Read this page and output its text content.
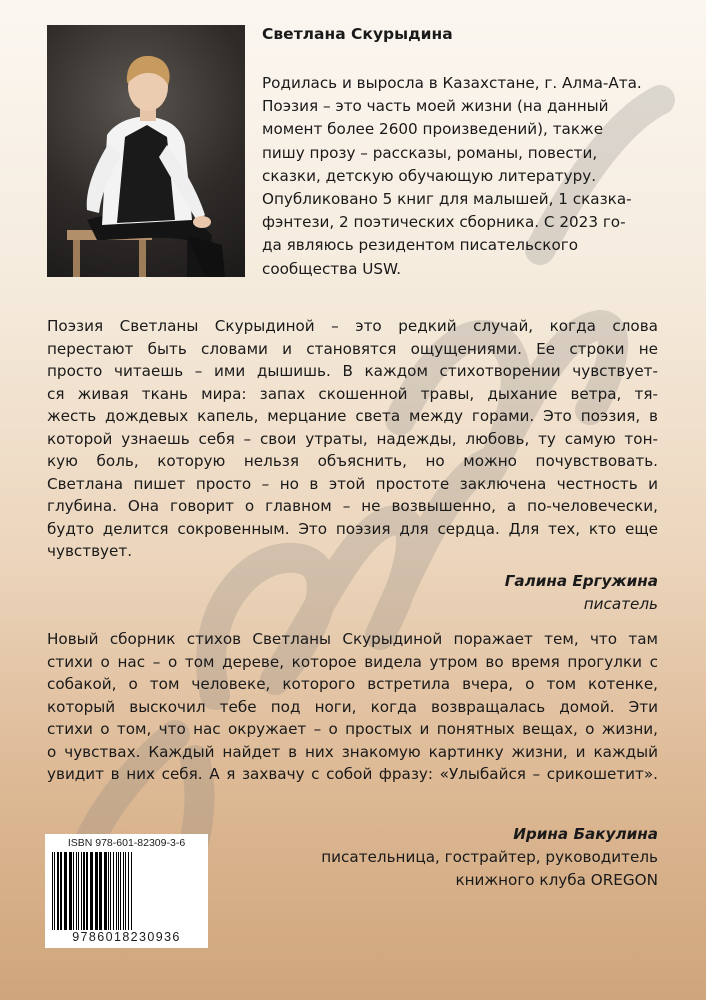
Светлана Скурыдина
Родилась и выросла в Казахстане, г. Алма-Ата.
Поэзия – это часть моей жизни (на данный
момент более 2600 произведений), также
пишу прозу – рассказы, романы, повести,
сказки, детскую обучающую литературу.
Опубликовано 5 книг для малышей, 1 сказка-
фэнтези, 2 поэтических сборника. С 2023 го-
да являюсь резидентом писательского
сообщества USW.
Поэзия Светланы Скурыдиной – это редкий случай, когда слова
перестают быть словами и становятся ощущениями. Ее строки не
просто читаешь – ими дышишь. В каждом стихотворении чувствует-
ся живая ткань мира: запах скошенной травы, дыхание ветра, тя-
жесть дождевых капель, мерцание света между горами. Это поэзия, в
которой узнаешь себя – свои утраты, надежды, любовь, ту самую тон-
кую боль, которую нельзя объяснить, но можно почувствовать.
Светлана пишет просто – но в этой простоте заключена честность и
глубина. Она говорит о главном – не возвышенно, а по-человечески,
будто делится сокровенным. Это поэзия для сердца. Для тех, кто еще
чувствует.
Галина Ергужина
писатель
Новый сборник стихов Светланы Скурыдиной поражает тем, что там
стихи о нас – о том дереве, которое видела утром во время прогулки с
собакой, о том человеке, которого встретила вчера, о том котенке,
который выскочил тебе под ноги, когда возвращалась домой. Эти
стихи о том, что нас окружает – о простых и понятных вещах, о жизни,
о чувствах. Каждый найдет в них знакомую картинку жизни, и каждый
увидит в них себя. А я захвачу с собой фразу: «Улыбайся – срикошетит».
Ирина Бакулина
писательница, гострайтер, руководитель
книжного клуба OREGON
ISBN 978-601-82309-3-6
9786018230936
